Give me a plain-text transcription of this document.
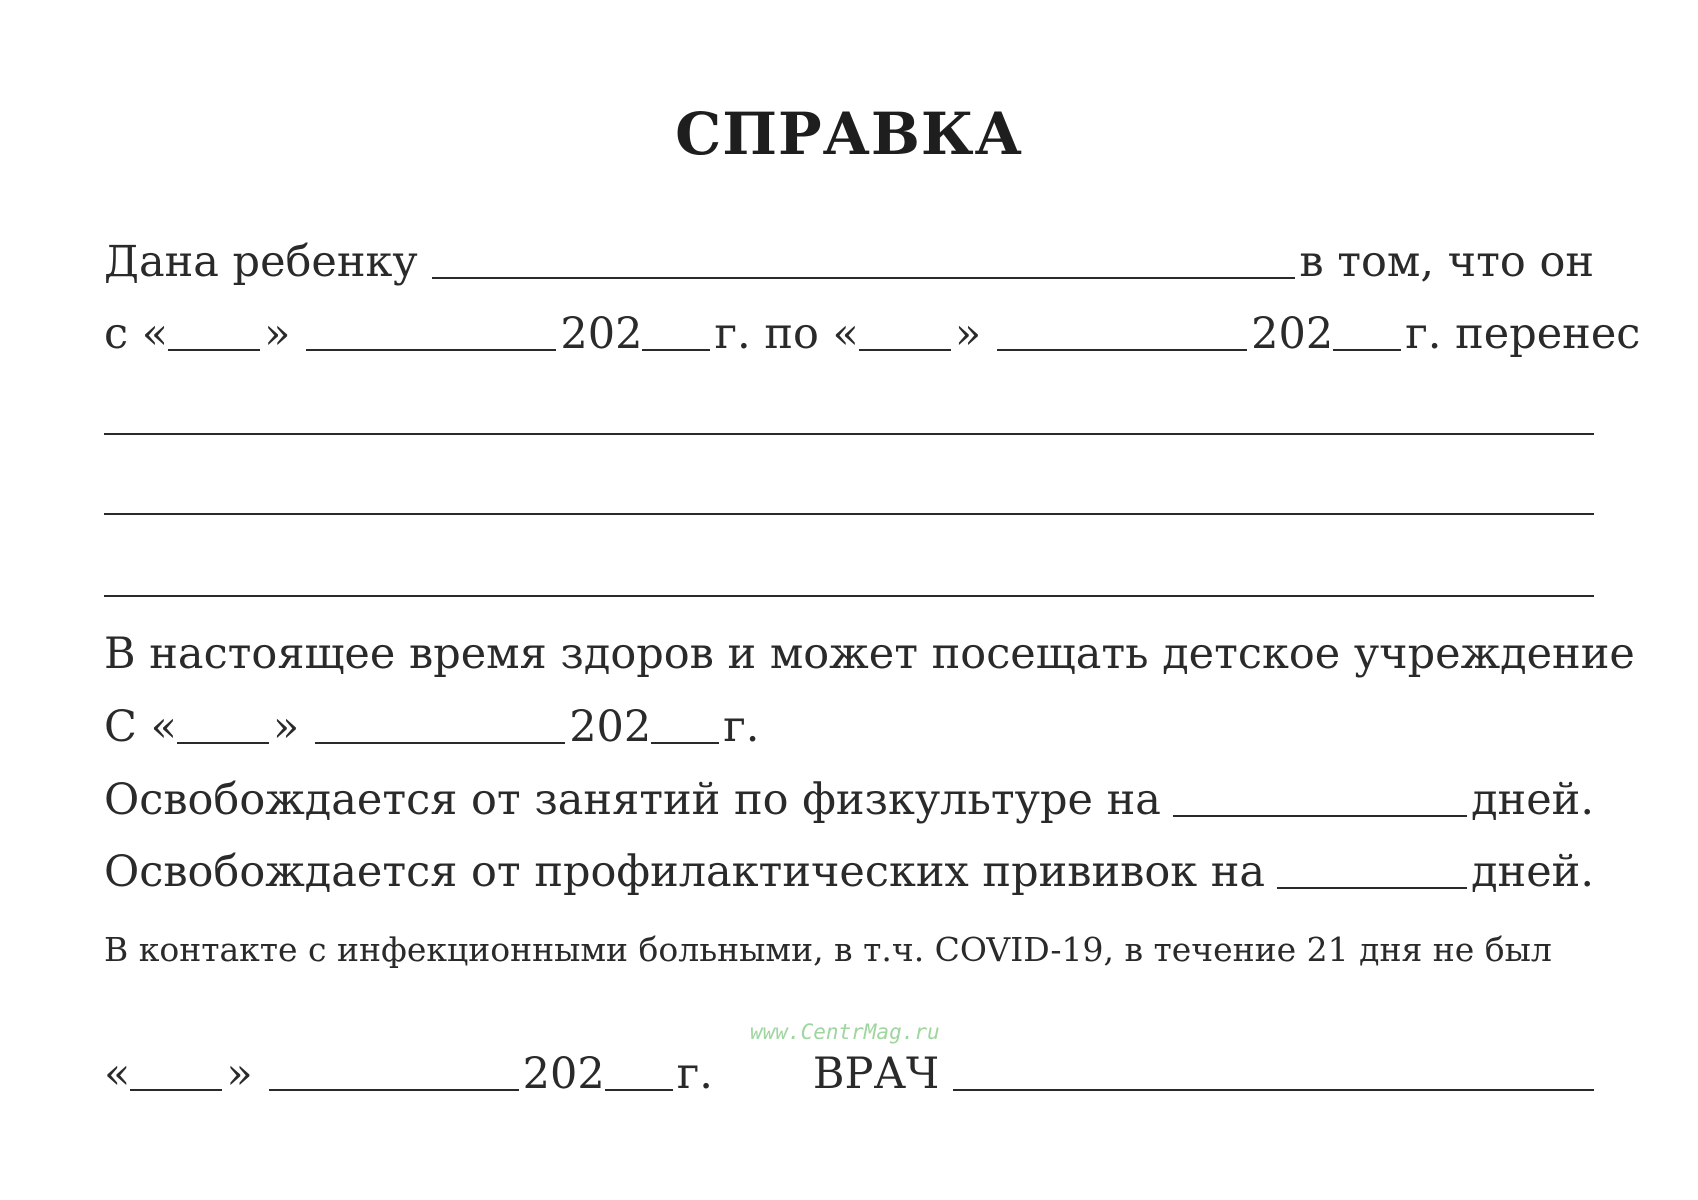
СПРАВКА
Дана ребенку	в том, что он
с « »	202 г. по « »	202 г. перенес
В настоящее время здоров и может посещать детское учреждение
С « »	202 г.
Освобождается от занятий по физкультуре на	дней.
Освобождается от профилактических прививок на	дней.
В контакте с инфекционными больными, в т.ч. COVID-19, в течение 21 дня не был
www.CentrMag.ru
« »	202 г. ВРАЧ
